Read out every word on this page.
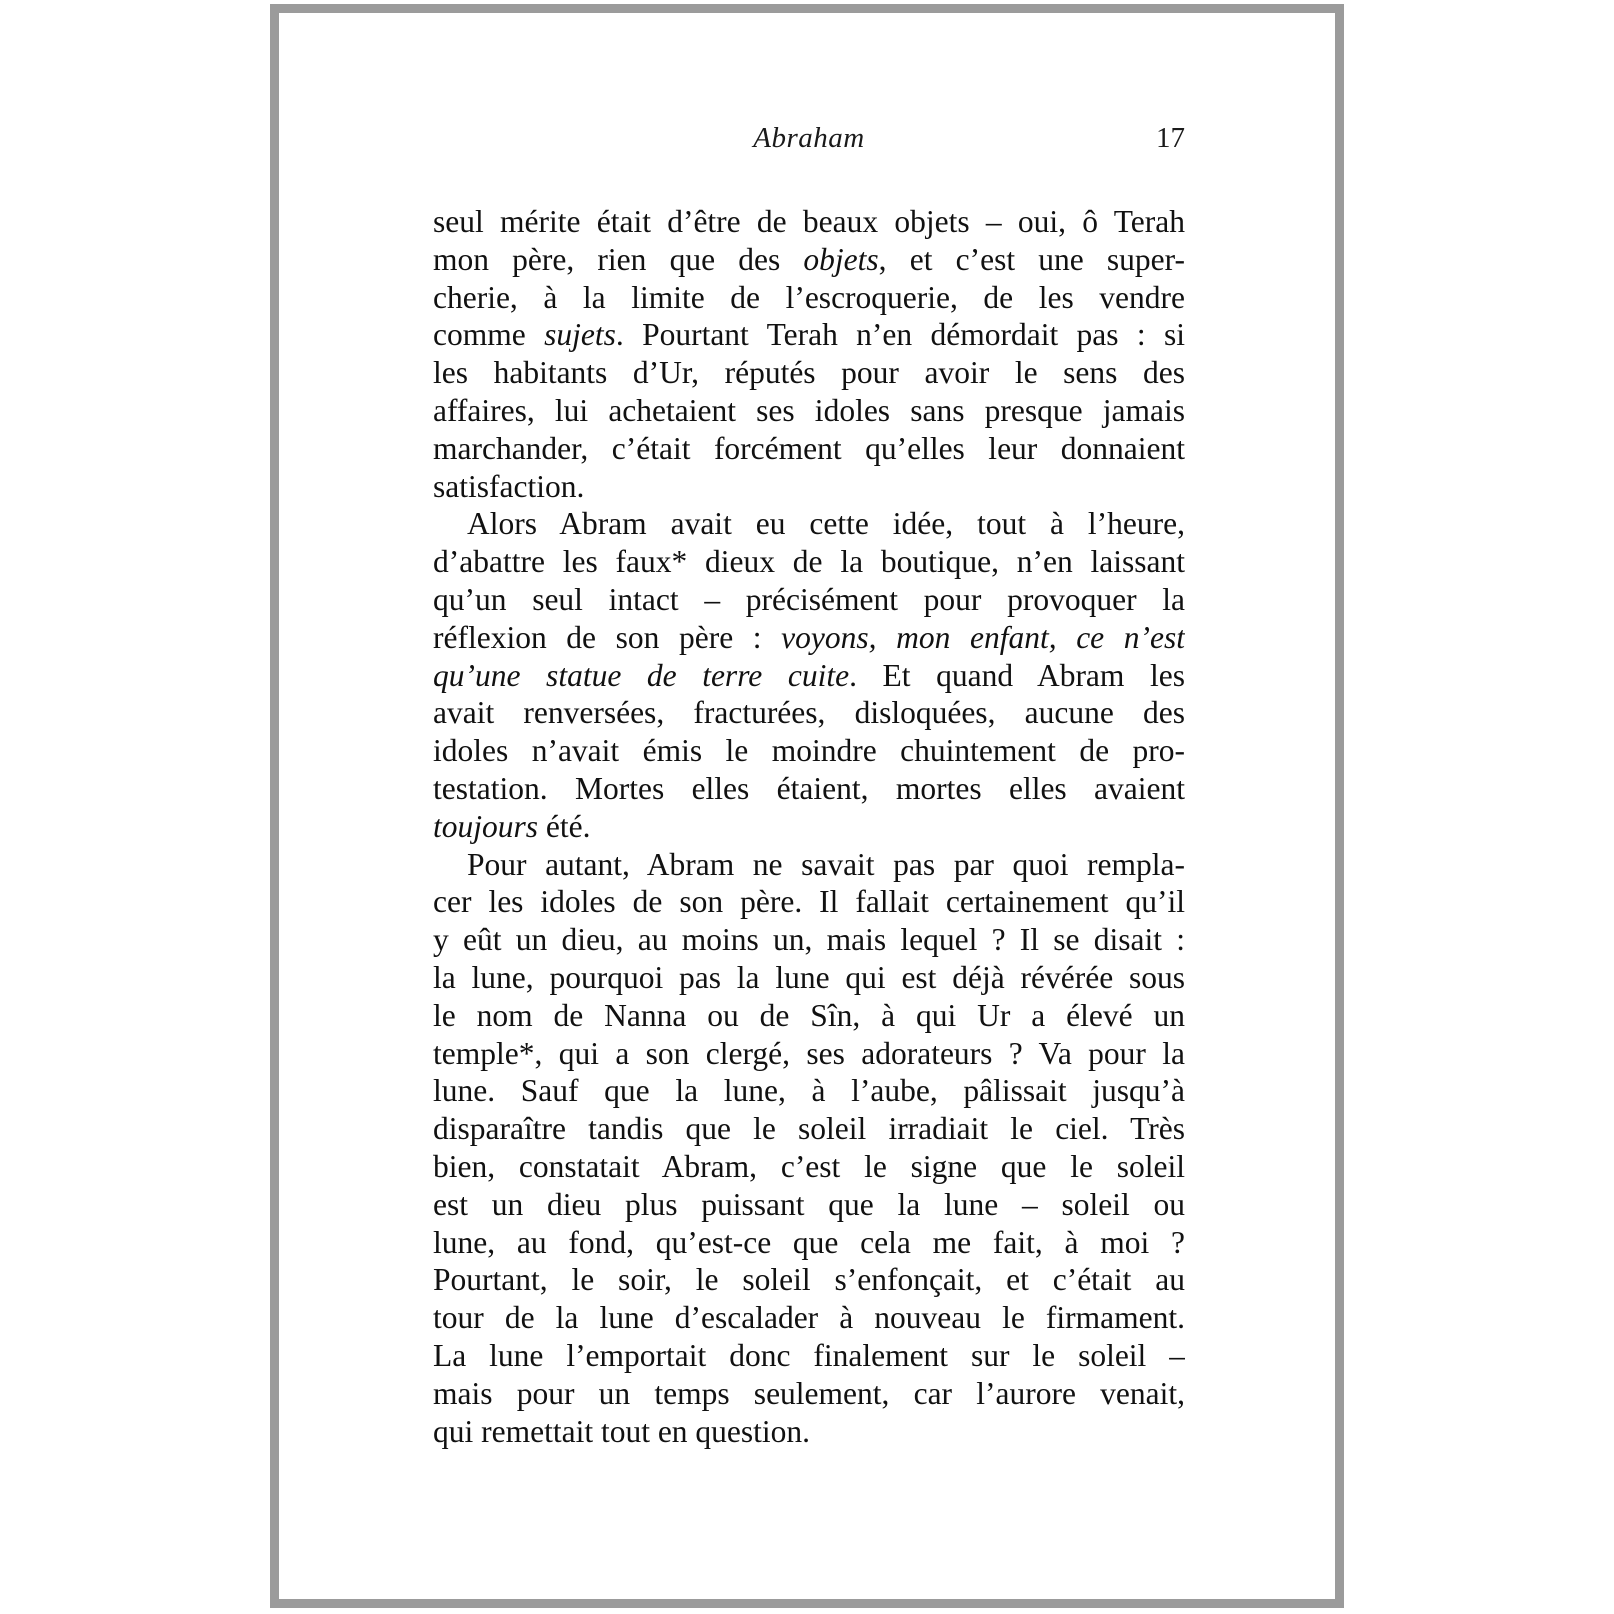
Abraham	17
seul mérite était d’être de beaux objets – oui, ô Terah
mon père, rien que des objets, et c’est une super-
cherie, à la limite de l’escroquerie, de les vendre
comme sujets. Pourtant Terah n’en démordait pas : si
les habitants d’Ur, réputés pour avoir le sens des
affaires, lui achetaient ses idoles sans presque jamais
marchander, c’était forcément qu’elles leur donnaient
satisfaction.
Alors Abram avait eu cette idée, tout à l’heure,
d’abattre les faux* dieux de la boutique, n’en laissant
qu’un seul intact – précisément pour provoquer la
réflexion de son père : voyons, mon enfant, ce n’est
qu’une statue de terre cuite. Et quand Abram les
avait renversées, fracturées, disloquées, aucune des
idoles n’avait émis le moindre chuintement de pro-
testation. Mortes elles étaient, mortes elles avaient
toujours été.
Pour autant, Abram ne savait pas par quoi rempla-
cer les idoles de son père. Il fallait certainement qu’il
y eût un dieu, au moins un, mais lequel ? Il se disait :
la lune, pourquoi pas la lune qui est déjà révérée sous
le nom de Nanna ou de Sîn, à qui Ur a élevé un
temple*, qui a son clergé, ses adorateurs ? Va pour la
lune. Sauf que la lune, à l’aube, pâlissait jusqu’à
disparaître tandis que le soleil irradiait le ciel. Très
bien, constatait Abram, c’est le signe que le soleil
est un dieu plus puissant que la lune – soleil ou
lune, au fond, qu’est-ce que cela me fait, à moi ?
Pourtant, le soir, le soleil s’enfonçait, et c’était au
tour de la lune d’escalader à nouveau le firmament.
La lune l’emportait donc finalement sur le soleil –
mais pour un temps seulement, car l’aurore venait,
qui remettait tout en question.
